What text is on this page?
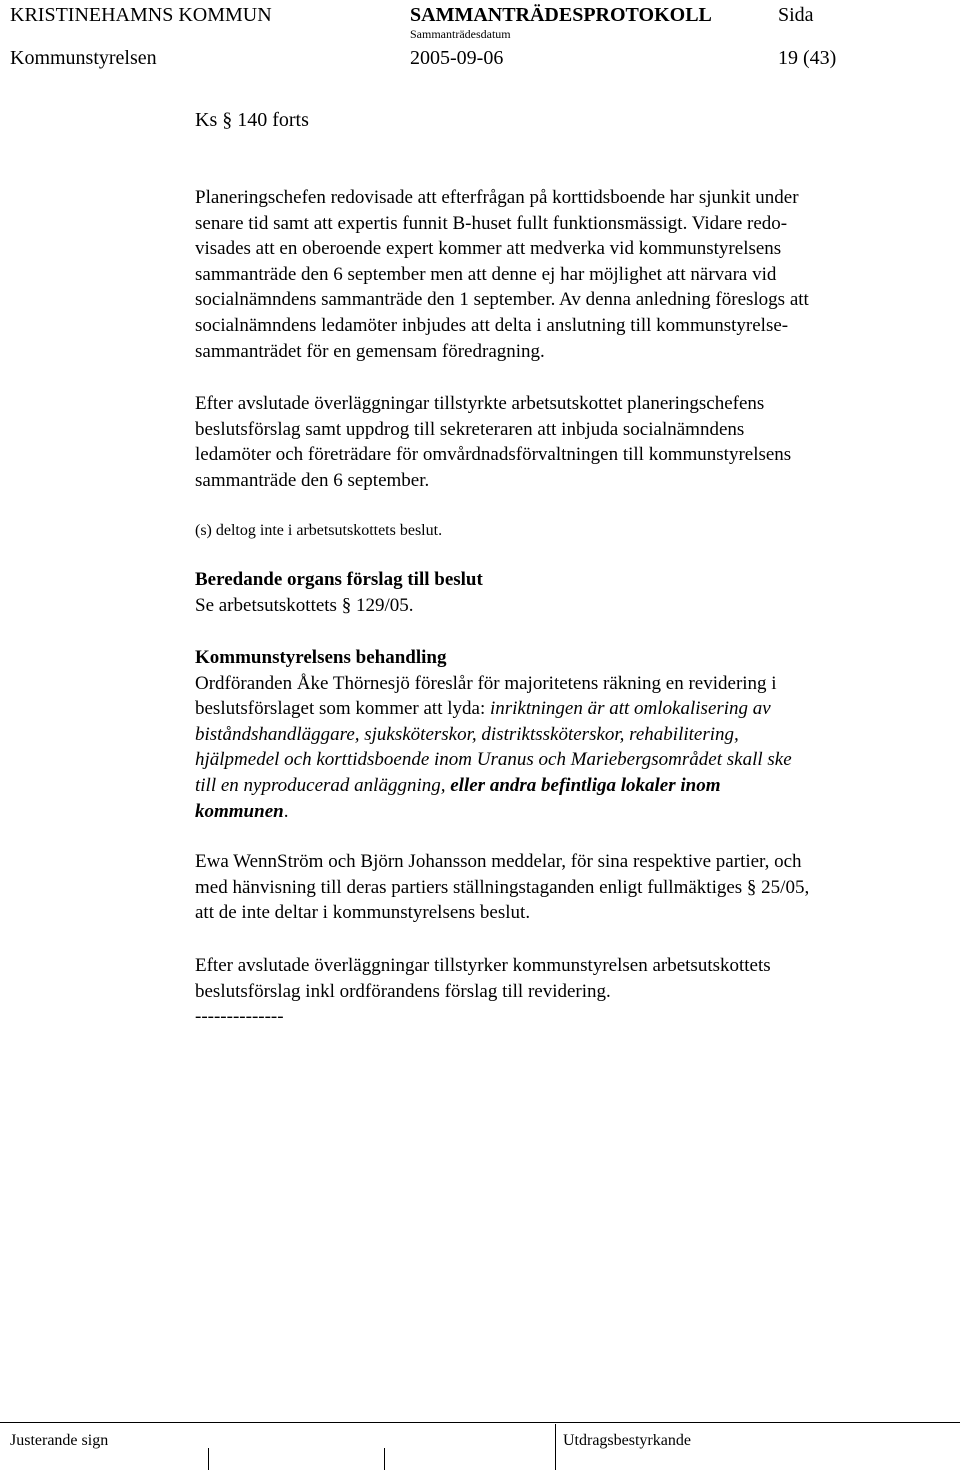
KRISTINEHAMNS KOMMUN	SAMMANTRÄDESPROTOKOLL	Sida
Sammanträdesdatum
Kommunstyrelsen	2005-09-06	19 (43)
Ks § 140 forts

Planeringschefen redovisade att efterfrågan på korttidsboende har sjunkit under

senare tid samt att expertis funnit B-huset fullt funktionsmässigt. Vidare redo-

visades att en oberoende expert kommer att medverka vid kommunstyrelsens

sammanträde den 6 september men att denne ej har möjlighet att närvara vid

socialnämndens sammanträde den 1 september. Av denna anledning föreslogs att

socialnämndens ledamöter inbjudes att delta i anslutning till kommunstyrelse-

sammanträdet för en gemensam föredragning.

Efter avslutade överläggningar tillstyrkte arbetsutskottet planeringschefens

beslutsförslag samt uppdrog till sekreteraren att inbjuda socialnämndens

ledamöter och företrädare för omvårdnadsförvaltningen till kommunstyrelsens

sammanträde den 6 september.

(s) deltog inte i arbetsutskottets beslut.

Beredande organs förslag till beslut

Se arbetsutskottets § 129/05.

Kommunstyrelsens behandling

Ordföranden Åke Thörnesjö föreslår för majoritetens räkning en revidering i

beslutsförslaget som kommer att lyda: inriktningen är att omlokalisering av

biståndshandläggare, sjuksköterskor, distriktssköterskor, rehabilitering,

hjälpmedel och korttidsboende inom Uranus och Mariebergsområdet skall ske

till en nyproducerad anläggning, eller andra befintliga lokaler inom

kommunen.

Ewa WennStröm och Björn Johansson meddelar, för sina respektive partier, och

med hänvisning till deras partiers ställningstaganden enligt fullmäktiges § 25/05,

att de inte deltar i kommunstyrelsens beslut.

Efter avslutade överläggningar tillstyrker kommunstyrelsen arbetsutskottets

beslutsförslag inkl ordförandens förslag till revidering.

--------------

Justerande sign	Utdragsbestyrkande
